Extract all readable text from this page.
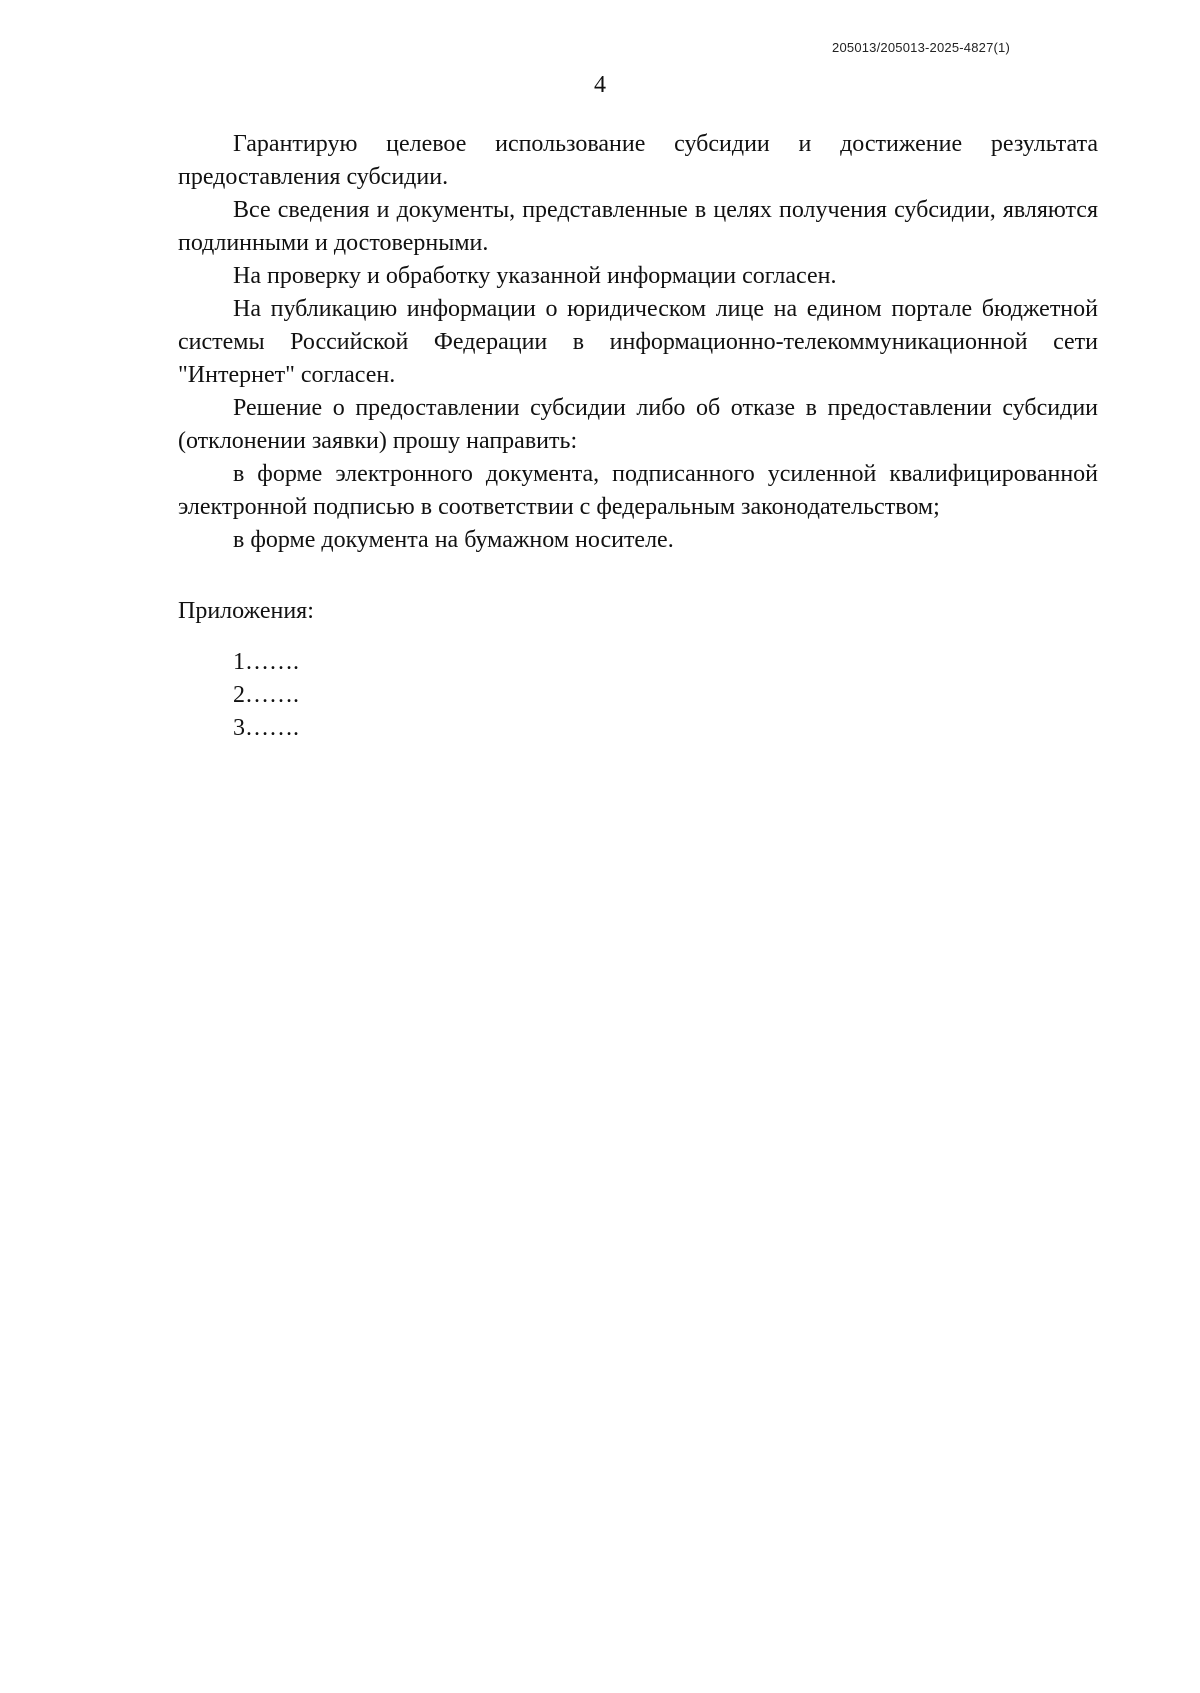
205013/205013-2025-4827(1)
4

Гарантирую целевое использование субсидии и достижение результата предоставления субсидии.

Все сведения и документы, представленные в целях получения субсидии, являются подлинными и достоверными.

На проверку и обработку указанной информации согласен.

На публикацию информации о юридическом лице на едином портале бюджетной системы Российской Федерации в информационно-телекоммуникационной сети "Интернет" согласен.

Решение о предоставлении субсидии либо об отказе в предоставлении субсидии (отклонении заявки) прошу направить:

в форме электронного документа, подписанного усиленной квалифицированной электронной подписью в соответствии с федеральным законодательством;

в форме документа на бумажном носителе.

Приложения:

1…….
2…….
3…….
